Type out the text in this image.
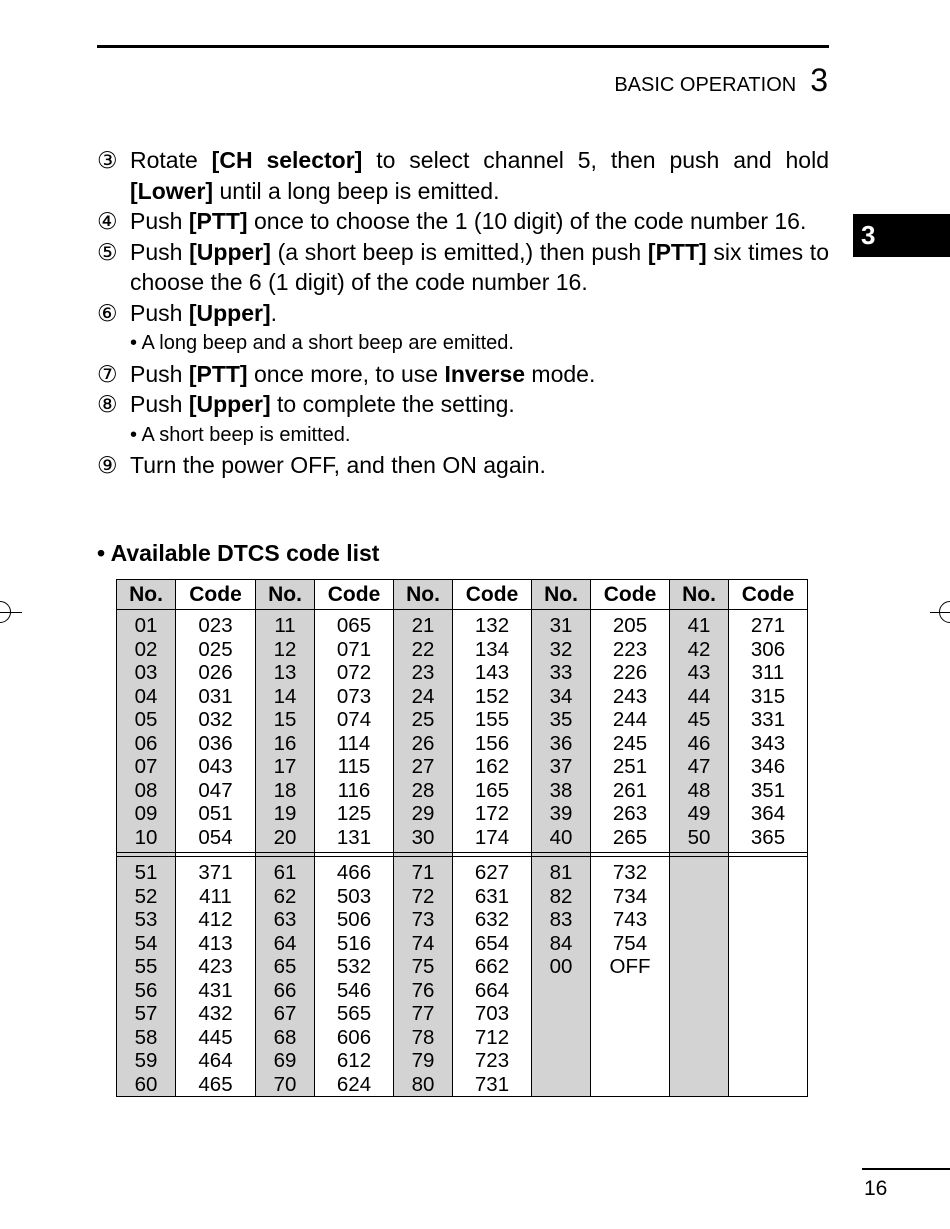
BASIC OPERATION 3
3
③ Rotate [CH selector] to select channel 5, then push and hold [Lower] until a long beep is emitted.
④ Push [PTT] once to choose the 1 (10 digit) of the code number 16.
⑤ Push [Upper] (a short beep is emitted,) then push [PTT] six times to choose the 6 (1 digit) of the code number 16.
⑥ Push [Upper].
• A long beep and a short beep are emitted.
⑦ Push [PTT] once more, to use Inverse mode.
⑧ Push [Upper] to complete the setting.
• A short beep is emitted.
⑨ Turn the power OFF, and then ON again.
• Available DTCS code list
No.	Code	No.	Code	No.	Code	No.	Code	No.	Code
01	023	11	065	21	132	31	205	41	271
02	025	12	071	22	134	32	223	42	306
03	026	13	072	23	143	33	226	43	311
04	031	14	073	24	152	34	243	44	315
05	032	15	074	25	155	35	244	45	331
06	036	16	114	26	156	36	245	46	343
07	043	17	115	27	162	37	251	47	346
08	047	18	116	28	165	38	261	48	351
09	051	19	125	29	172	39	263	49	364
10	054	20	131	30	174	40	265	50	365

51	371	61	466	71	627	81	732		
52	411	62	503	72	631	82	734		
53	412	63	506	73	632	83	743		
54	413	64	516	74	654	84	754		
55	423	65	532	75	662	00	OFF		
56	431	66	546	76	664				
57	432	67	565	77	703				
58	445	68	606	78	712				
59	464	69	612	79	723				
60	465	70	624	80	731				
16
